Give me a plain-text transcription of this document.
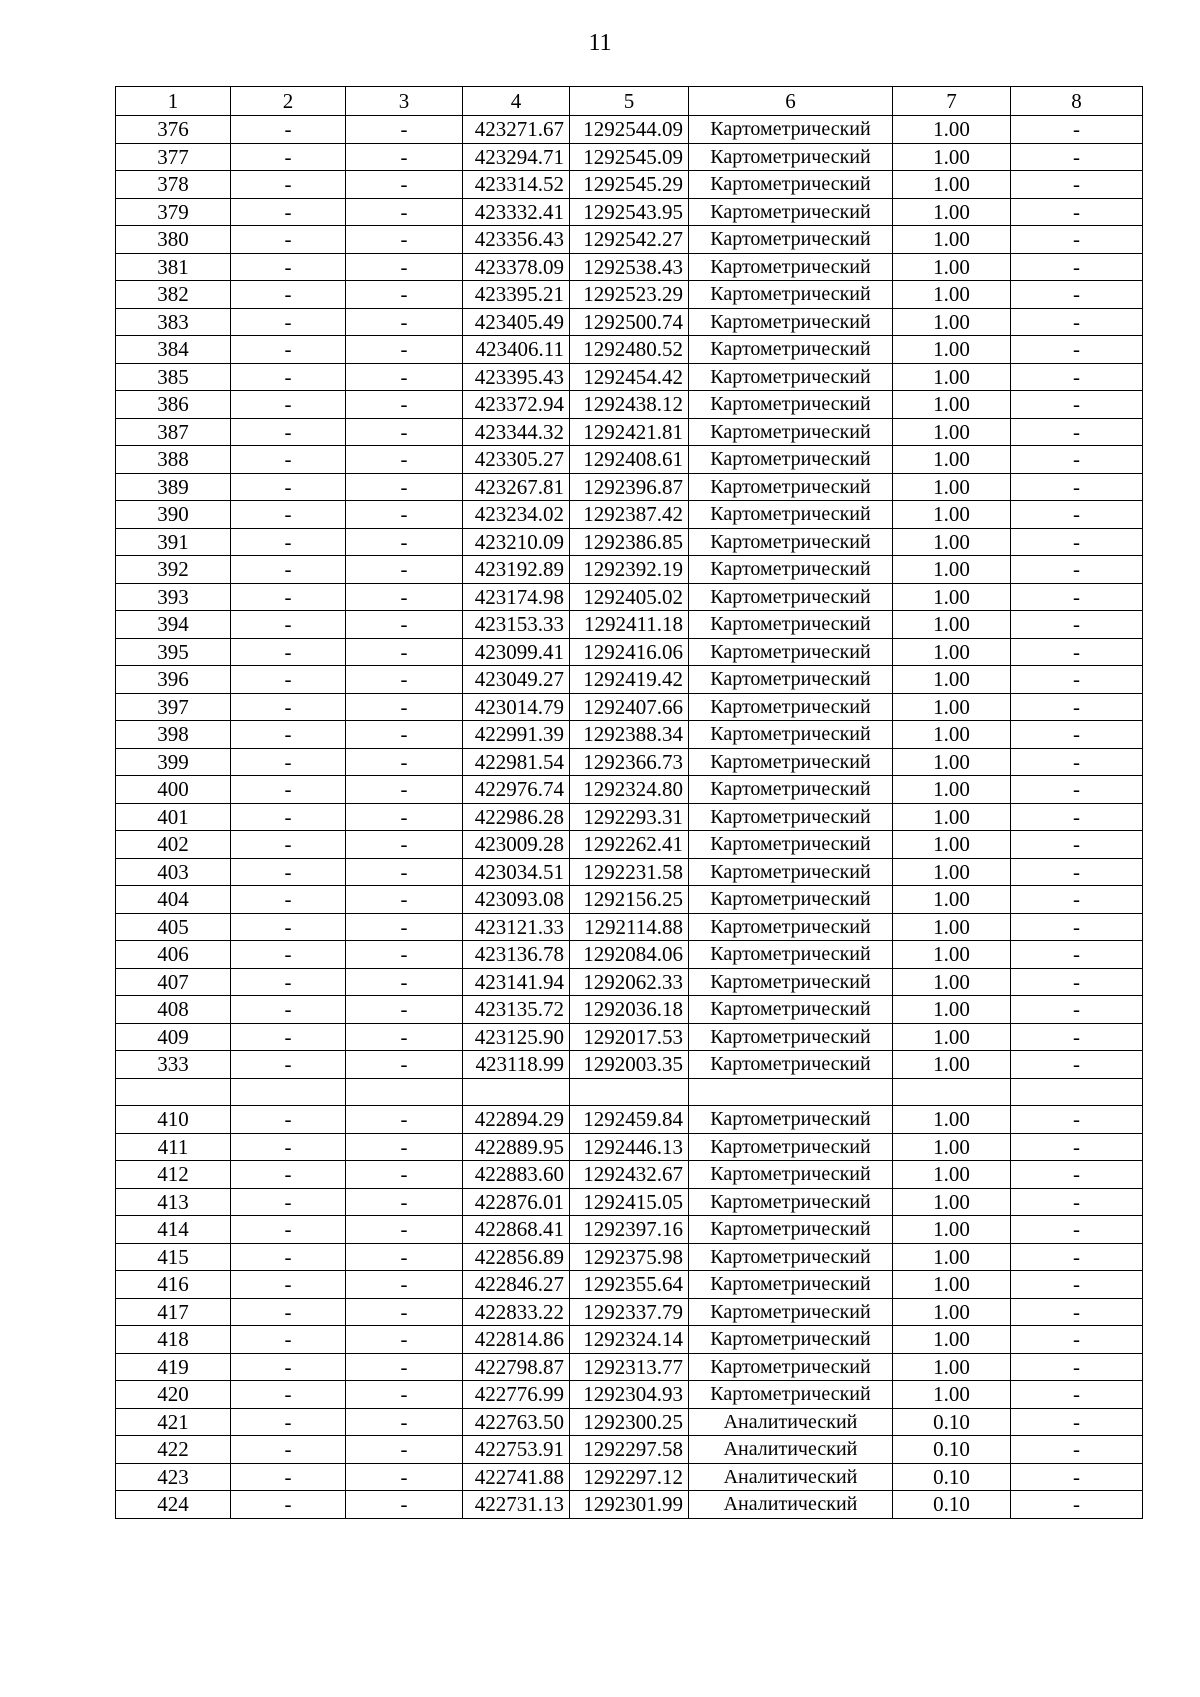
11
1	2	3	4	5	6	7	8
376	-	-	423271.67	1292544.09	Картометрический	1.00	-
377	-	-	423294.71	1292545.09	Картометрический	1.00	-
378	-	-	423314.52	1292545.29	Картометрический	1.00	-
379	-	-	423332.41	1292543.95	Картометрический	1.00	-
380	-	-	423356.43	1292542.27	Картометрический	1.00	-
381	-	-	423378.09	1292538.43	Картометрический	1.00	-
382	-	-	423395.21	1292523.29	Картометрический	1.00	-
383	-	-	423405.49	1292500.74	Картометрический	1.00	-
384	-	-	423406.11	1292480.52	Картометрический	1.00	-
385	-	-	423395.43	1292454.42	Картометрический	1.00	-
386	-	-	423372.94	1292438.12	Картометрический	1.00	-
387	-	-	423344.32	1292421.81	Картометрический	1.00	-
388	-	-	423305.27	1292408.61	Картометрический	1.00	-
389	-	-	423267.81	1292396.87	Картометрический	1.00	-
390	-	-	423234.02	1292387.42	Картометрический	1.00	-
391	-	-	423210.09	1292386.85	Картометрический	1.00	-
392	-	-	423192.89	1292392.19	Картометрический	1.00	-
393	-	-	423174.98	1292405.02	Картометрический	1.00	-
394	-	-	423153.33	1292411.18	Картометрический	1.00	-
395	-	-	423099.41	1292416.06	Картометрический	1.00	-
396	-	-	423049.27	1292419.42	Картометрический	1.00	-
397	-	-	423014.79	1292407.66	Картометрический	1.00	-
398	-	-	422991.39	1292388.34	Картометрический	1.00	-
399	-	-	422981.54	1292366.73	Картометрический	1.00	-
400	-	-	422976.74	1292324.80	Картометрический	1.00	-
401	-	-	422986.28	1292293.31	Картометрический	1.00	-
402	-	-	423009.28	1292262.41	Картометрический	1.00	-
403	-	-	423034.51	1292231.58	Картометрический	1.00	-
404	-	-	423093.08	1292156.25	Картометрический	1.00	-
405	-	-	423121.33	1292114.88	Картометрический	1.00	-
406	-	-	423136.78	1292084.06	Картометрический	1.00	-
407	-	-	423141.94	1292062.33	Картометрический	1.00	-
408	-	-	423135.72	1292036.18	Картометрический	1.00	-
409	-	-	423125.90	1292017.53	Картометрический	1.00	-
333	-	-	423118.99	1292003.35	Картометрический	1.00	-

410	-	-	422894.29	1292459.84	Картометрический	1.00	-
411	-	-	422889.95	1292446.13	Картометрический	1.00	-
412	-	-	422883.60	1292432.67	Картометрический	1.00	-
413	-	-	422876.01	1292415.05	Картометрический	1.00	-
414	-	-	422868.41	1292397.16	Картометрический	1.00	-
415	-	-	422856.89	1292375.98	Картометрический	1.00	-
416	-	-	422846.27	1292355.64	Картометрический	1.00	-
417	-	-	422833.22	1292337.79	Картометрический	1.00	-
418	-	-	422814.86	1292324.14	Картометрический	1.00	-
419	-	-	422798.87	1292313.77	Картометрический	1.00	-
420	-	-	422776.99	1292304.93	Картометрический	1.00	-
421	-	-	422763.50	1292300.25	Аналитический	0.10	-
422	-	-	422753.91	1292297.58	Аналитический	0.10	-
423	-	-	422741.88	1292297.12	Аналитический	0.10	-
424	-	-	422731.13	1292301.99	Аналитический	0.10	-
